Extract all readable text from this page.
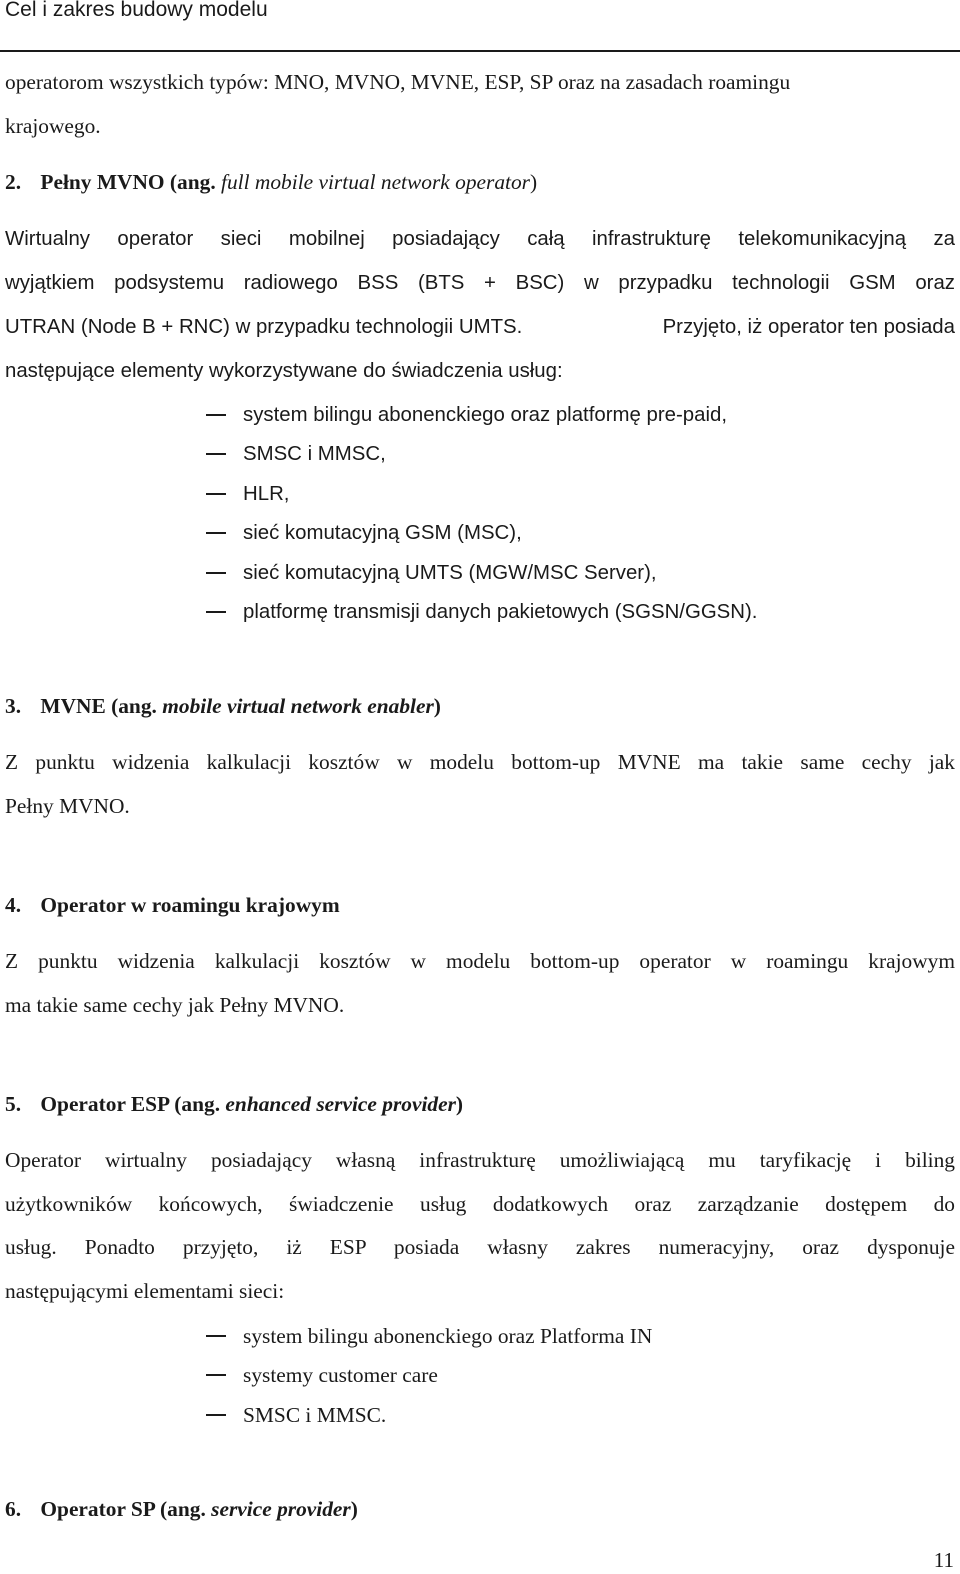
Cel i zakres budowy modelu
operatorom wszystkich typów: MNO, MVNO, MVNE, ESP, SP oraz na zasadach roamingu
krajowego.
2. Pełny MVNO (ang. full mobile virtual network operator)
Wirtualny operator sieci mobilnej posiadający całą infrastrukturę telekomunikacyjną za
wyjątkiem podsystemu radiowego BSS (BTS + BSC) w przypadku technologii GSM oraz
UTRAN (Node B + RNC) w przypadku technologii UMTS.	Przyjęto, iż operator ten posiada
następujące elementy wykorzystywane do świadczenia usług:
system bilingu abonenckiego oraz platformę pre-paid,
SMSC i MMSC,
HLR,
sieć komutacyjną GSM (MSC),
sieć komutacyjną UMTS (MGW/MSC Server),
platformę transmisji danych pakietowych (SGSN/GGSN).
3. MVNE (ang. mobile virtual network enabler)
Z punktu widzenia kalkulacji kosztów w modelu bottom-up MVNE ma takie same cechy jak
Pełny MVNO.
4. Operator w roamingu krajowym
Z punktu widzenia kalkulacji kosztów w modelu bottom-up operator w roamingu krajowym
ma takie same cechy jak Pełny MVNO.
5. Operator ESP (ang. enhanced service provider)
Operator wirtualny posiadający własną infrastrukturę umożliwiającą mu taryfikację i biling
użytkowników końcowych, świadczenie usług dodatkowych oraz zarządzanie dostępem do
usług. Ponadto przyjęto, iż ESP posiada własny zakres numeracyjny, oraz dysponuje
następującymi elementami sieci:
system bilingu abonenckiego oraz Platforma IN
systemy customer care
SMSC i MMSC.
6. Operator SP (ang. service provider)
11
